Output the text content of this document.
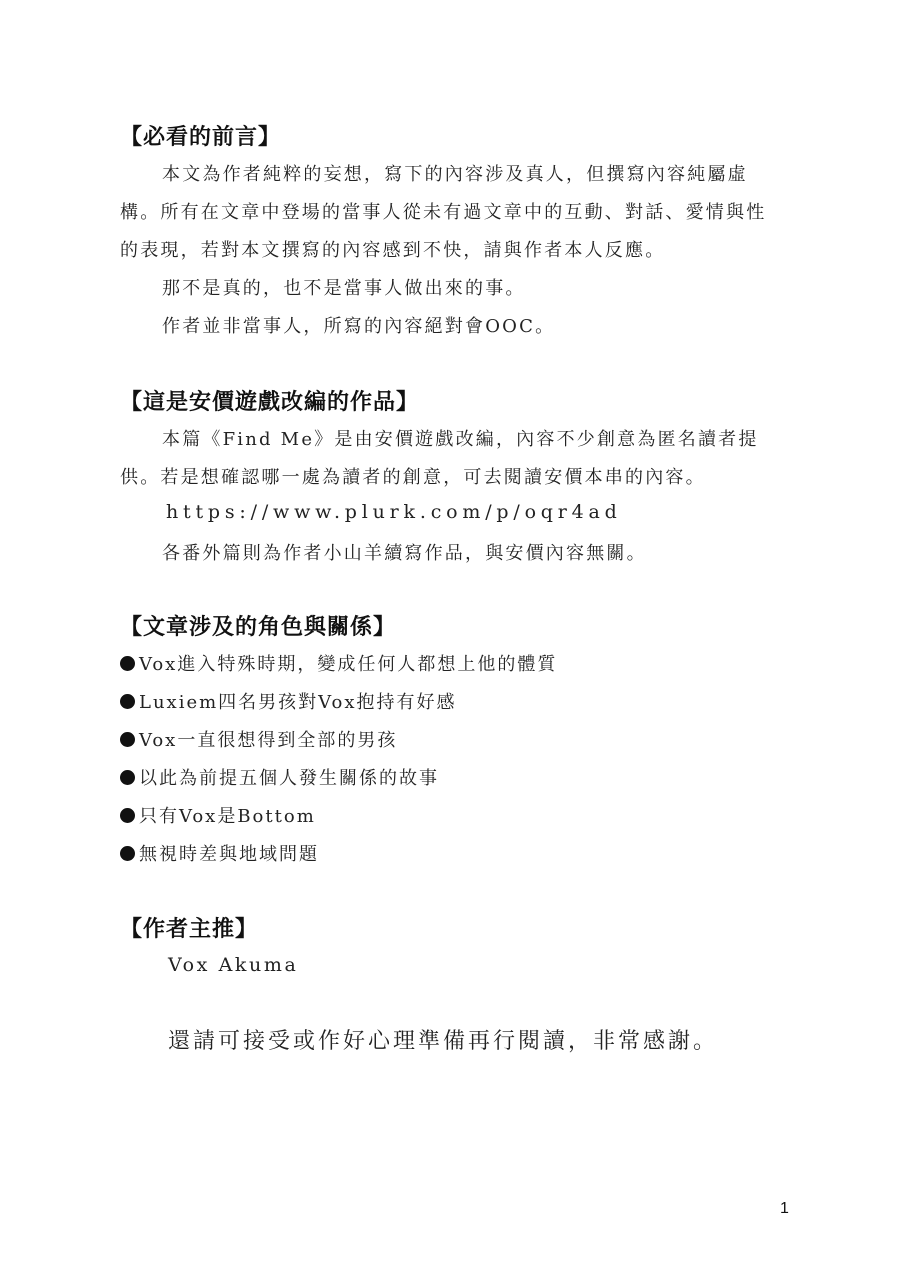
【必看的前言】
本文為作者純粹的妄想，寫下的內容涉及真人，但撰寫內容純屬虛
構。所有在文章中登場的當事人從未有過文章中的互動、對話、愛情與性
的表現，若對本文撰寫的內容感到不快，請與作者本人反應。
那不是真的，也不是當事人做出來的事。
作者並非當事人，所寫的內容絕對會OOC。
【這是安價遊戲改編的作品】
本篇《Find Me》是由安價遊戲改編，內容不少創意為匿名讀者提
供。若是想確認哪一處為讀者的創意，可去閱讀安價本串的內容。
https://www.plurk.com/p/oqr4ad
各番外篇則為作者小山羊續寫作品，與安價內容無關。
【文章涉及的角色與關係】
Vox進入特殊時期，變成任何人都想上他的體質
Luxiem四名男孩對Vox抱持有好感
Vox一直很想得到全部的男孩
以此為前提五個人發生關係的故事
只有Vox是Bottom
無視時差與地域問題
【作者主推】
Vox Akuma
還請可接受或作好心理準備再行閱讀，非常感謝。
1
